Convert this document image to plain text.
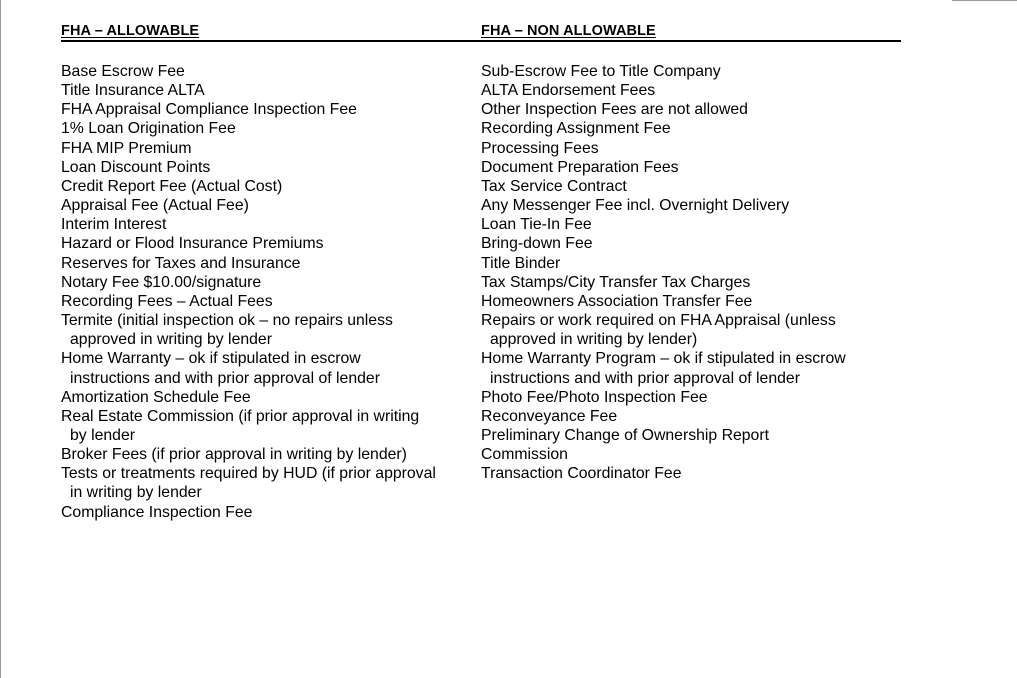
FHA – ALLOWABLE
Base Escrow Fee
Title Insurance ALTA
FHA Appraisal Compliance Inspection Fee
1% Loan Origination Fee
FHA MIP Premium
Loan Discount Points
Credit Report Fee (Actual Cost)
Appraisal Fee (Actual Fee)
Interim Interest
Hazard or Flood Insurance Premiums
Reserves for Taxes and Insurance
Notary Fee $10.00/signature
Recording Fees – Actual Fees
Termite (initial inspection ok – no repairs unless
approved in writing by lender
Home Warranty – ok if stipulated in escrow
instructions and with prior approval of lender
Amortization Schedule Fee
Real Estate Commission (if prior approval in writing
by lender
Broker Fees (if prior approval in writing by lender)
Tests or treatments required by HUD (if prior approval
in writing by lender
Compliance Inspection Fee
FHA – NON ALLOWABLE
Sub-Escrow Fee to Title Company
ALTA Endorsement Fees
Other Inspection Fees are not allowed
Recording Assignment Fee
Processing Fees
Document Preparation Fees
Tax Service Contract
Any Messenger Fee incl. Overnight Delivery
Loan Tie-In Fee
Bring-down Fee
Title Binder
Tax Stamps/City Transfer Tax Charges
Homeowners Association Transfer Fee
Repairs or work required on FHA Appraisal (unless
approved in writing by lender)
Home Warranty Program – ok if stipulated in escrow
instructions and with prior approval of lender
Photo Fee/Photo Inspection Fee
Reconveyance Fee
Preliminary Change of Ownership Report
Commission
Transaction Coordinator Fee
